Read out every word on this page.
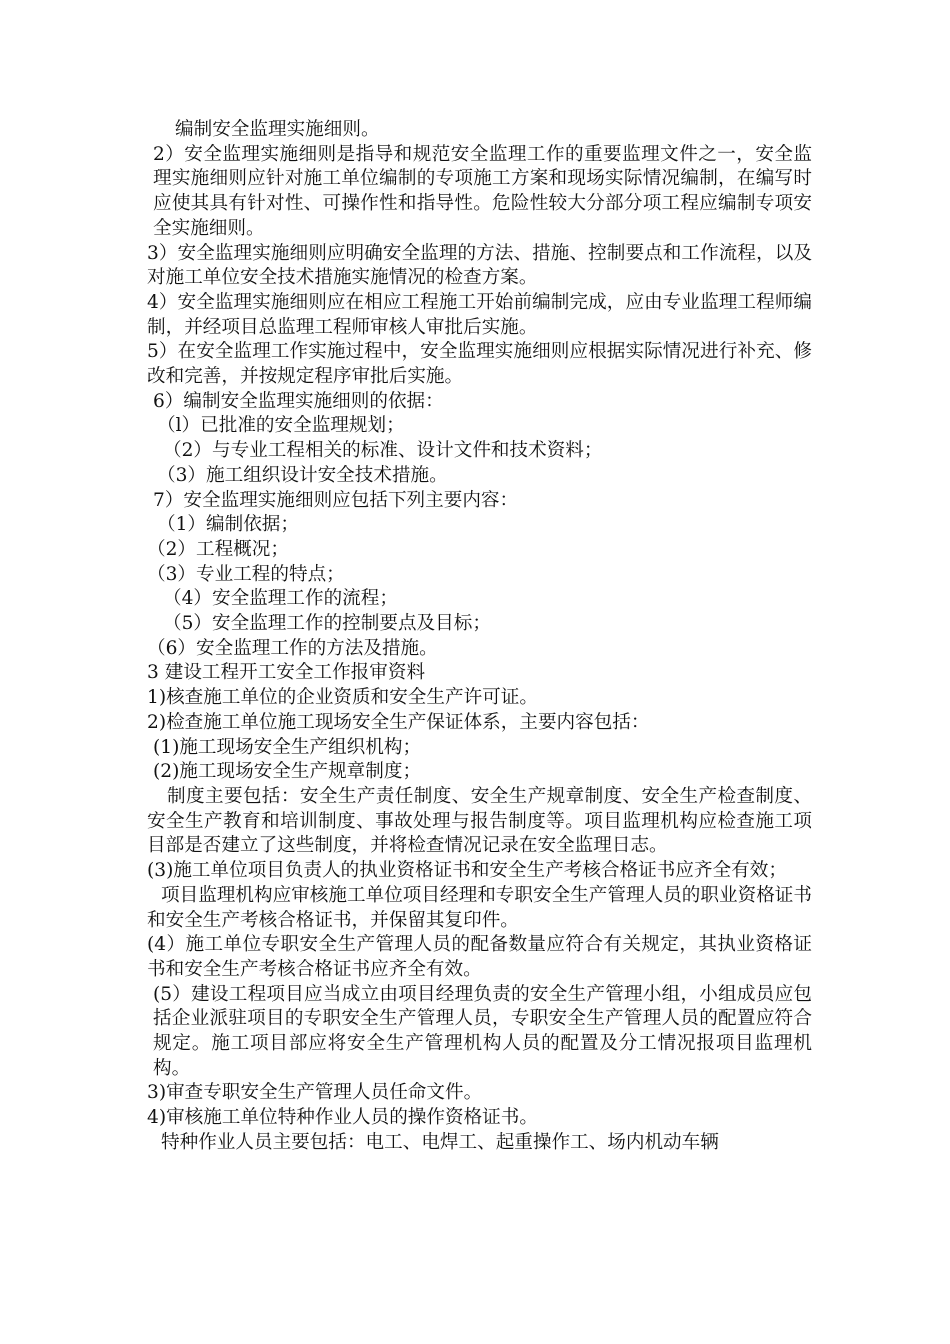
编制安全监理实施细则。

2）安全监理实施细则是指导和规范安全监理工作的重要监理文件之一，安全监理实施细则应针对施工单位编制的专项施工方案和现场实际情况编制，在编写时应使其具有针对性、可操作性和指导性。危险性较大分部分项工程应编制专项安全实施细则。

3）安全监理实施细则应明确安全监理的方法、措施、控制要点和工作流程，以及对施工单位安全技术措施实施情况的检查方案。

4）安全监理实施细则应在相应工程施工开始前编制完成，应由专业监理工程师编制，并经项目总监理工程师审核人审批后实施。

5）在安全监理工作实施过程中，安全监理实施细则应根据实际情况进行补充、修改和完善，并按规定程序审批后实施。

6）编制安全监理实施细则的依据：

（l）已批准的安全监理规划；

（2）与专业工程相关的标准、设计文件和技术资料；

（3）施工组织设计安全技术措施。

7）安全监理实施细则应包括下列主要内容：

（1）编制依据；

（2）工程概况；

（3）专业工程的特点；

（4）安全监理工作的流程；

（5）安全监理工作的控制要点及目标；

（6）安全监理工作的方法及措施。

3 建设工程开工安全工作报审资料

1)核查施工单位的企业资质和安全生产许可证。

2)检查施工单位施工现场安全生产保证体系，主要内容包括：

(1)施工现场安全生产组织机构；

(2)施工现场安全生产规章制度；

制度主要包括：安全生产责任制度、安全生产规章制度、安全生产检查制度、安全生产教育和培训制度、事故处理与报告制度等。项目监理机构应检查施工项目部是否建立了这些制度，并将检查情况记录在安全监理日志。

(3)施工单位项目负责人的执业资格证书和安全生产考核合格证书应齐全有效；

项目监理机构应审核施工单位项目经理和专职安全生产管理人员的职业资格证书和安全生产考核合格证书，并保留其复印件。

(4）施工单位专职安全生产管理人员的配备数量应符合有关规定，其执业资格证书和安全生产考核合格证书应齐全有效。

(5）建设工程项目应当成立由项目经理负责的安全生产管理小组，小组成员应包括企业派驻项目的专职安全生产管理人员，专职安全生产管理人员的配置应符合规定。施工项目部应将安全生产管理机构人员的配置及分工情况报项目监理机构。

3)审查专职安全生产管理人员任命文件。

4)审核施工单位特种作业人员的操作资格证书。

特种作业人员主要包括：电工、电焊工、起重操作工、场内机动车辆
